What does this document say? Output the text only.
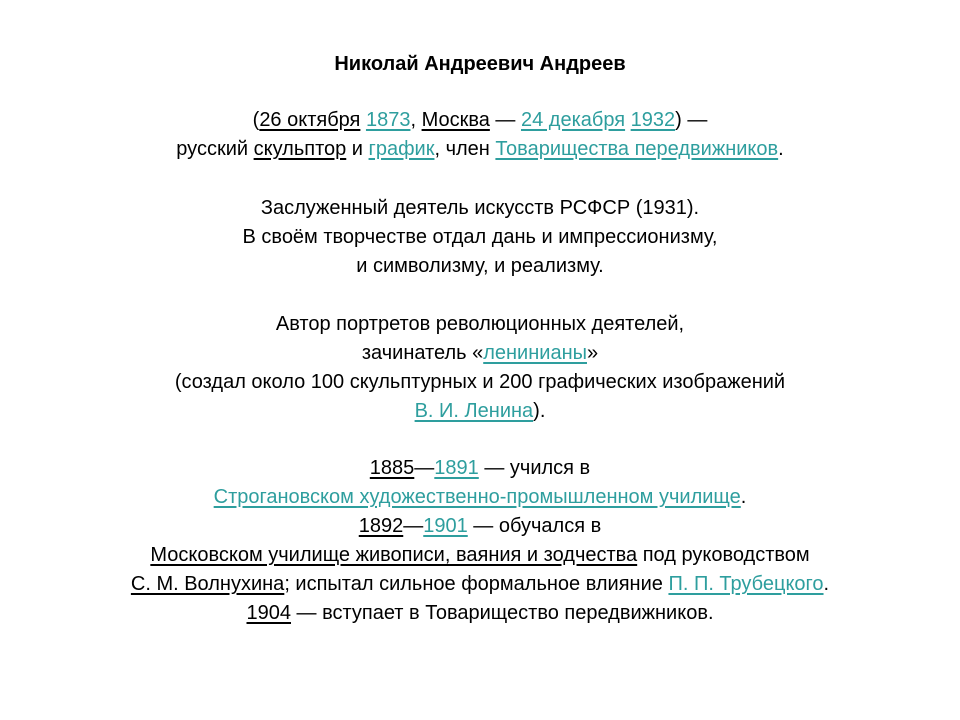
Николай Андреевич Андреев
(26 октября 1873, Москва — 24 декабря 1932) —
русский скульптор и график, член Товарищества передвижников.
Заслуженный деятель искусств РСФСР (1931).
В своём творчестве отдал дань и импрессионизму,
и символизму, и реализму.
Автор портретов революционных деятелей,
зачинатель «ленинианы»
(создал около 100 скульптурных и 200 графических изображений
В. И. Ленина).
1885—1891 — учился в
Строгановском художественно-промышленном училище.
1892—1901 — обучался в
Московском училище живописи, ваяния и зодчества под руководством
С. М. Волнухина; испытал сильное формальное влияние П. П. Трубецкого.
1904 — вступает в Товарищество передвижников.
